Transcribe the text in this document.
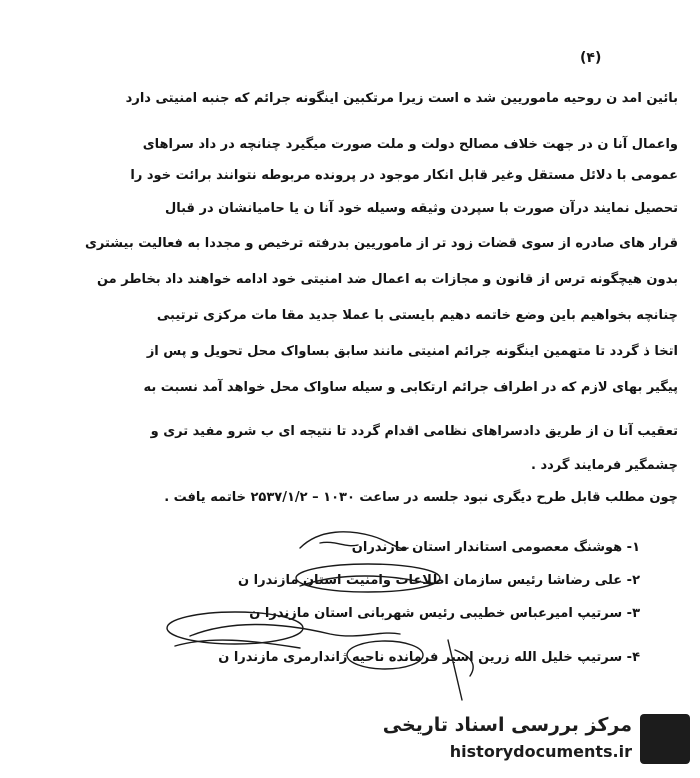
(۴)
بائین امد ن روحیه ماموریین شد ه است زیرا مرتکبین اینگونه جرائم که جنبه امنیتی دارد
واعمال آنا ن در جهت خلاف مصالح دولت و ملت صورت میگیرد چنانچه در داد سراهای
عمومی با دلائل مستقل وغیر قابل انکار موجود در پرونده مربوطه نتوانند برائت خود را
تحصیل نمایند درآن صورت با سپردن وثیقه وسیله خود آنا ن یا حامیانشان در قبال
قرار های صادره از سوی قضات زود تر از ماموریین بدرفته ترخیص و مجددا به فعالیت بیشتری
بدون هیچگونه ترس از قانون و مجازات به اعمال ضد امنیتی خود ادامه خواهند داد بخاطر من
چنانچه بخواهیم باین وضع خاتمه دهیم بایستی با عملا جدید مقا مات مرکزی ترتیبی
اتخا ذ گردد تا متهمین اینگونه جرائم امنیتی مانند سابق بساواک محل تحویل و پس از
پیگیر بهای لازم که در اطراف جرائم ارتکابی و سیله ساواک محل خواهد آمد نسبت به
تعقیب آنا ن از طریق دادسراهای نظامی اقدام گردد تا نتیجه ای ب شرو مفید تری و
چشمگیر فرمایند گردد .
چون مطلب قابل طرح دیگری نبود جلسه در ساعت ۱۰۳۰ – ۲۵۳۷/۱/۲ خاتمه یافت .
۱- هوشنگ معصومی استاندار استان مازندران
۲- علی رضاشا رئیس سازمان اطلاعات وامنیت استان مازندرا ن
۳- سرتیپ امیرعباس خطیبی رئیس شهربانی استان مازندرا ن
۴- سرتیپ خلیل الله زرین اسیر فرمانده ناحیه ژاندارمری مازندرا ن
مرکز بررسی اسناد تاریخی
historydocuments.ir
